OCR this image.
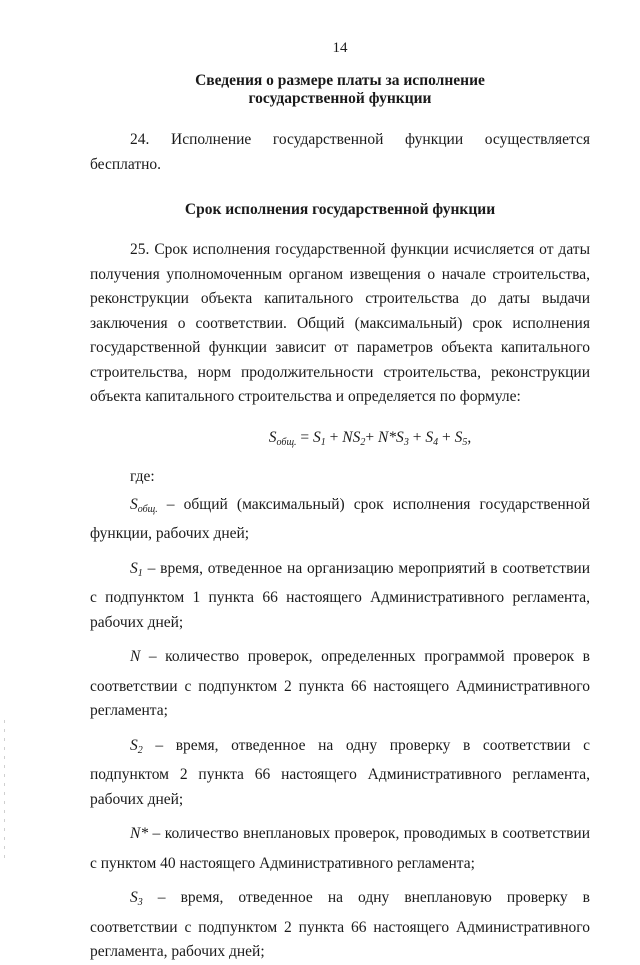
14
Сведения о размере платы за исполнение
государственной функции

24. Исполнение государственной функции осуществляется бесплатно.

Срок исполнения государственной функции

25. Срок исполнения государственной функции исчисляется от даты получения уполномоченным органом извещения о начале строительства, реконструкции объекта капитального строительства до даты выдачи заключения о соответствии. Общий (максимальный) срок исполнения государственной функции зависит от параметров объекта капитального строительства, норм продолжительности строительства, реконструкции объекта капитального строительства и определяется по формуле:

$S_{общ.} = S_1 + NS_2+ N*S_3 + S_4 + S_5$,

где:

$S_{общ.}$ – общий (максимальный) срок исполнения государственной функции, рабочих дней;

$S_1$ – время, отведенное на организацию мероприятий в соответствии с подпунктом 1 пункта 66 настоящего Административного регламента, рабочих дней;

N – количество проверок, определенных программой проверок в соответствии с подпунктом 2 пункта 66 настоящего Административного регламента;

$S_2$ – время, отведенное на одну проверку в соответствии с подпунктом 2 пункта 66 настоящего Административного регламента, рабочих дней;

N* – количество внеплановых проверок, проводимых в соответствии с пунктом 40 настоящего Административного регламента;

$S_3$ – время, отведенное на одну внеплановую проверку в соответствии с подпунктом 2 пункта 66 настоящего Административного регламента, рабочих дней;
